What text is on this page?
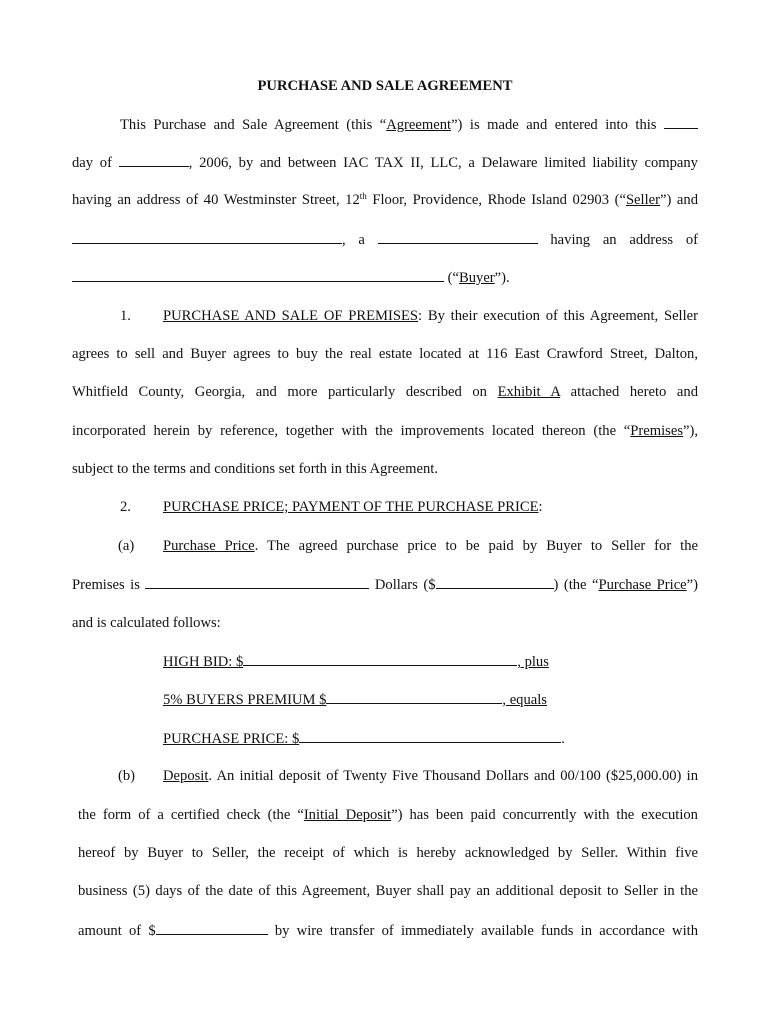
PURCHASE AND SALE AGREEMENT
This Purchase and Sale Agreement (this “Agreement”) is made and entered into this
day of	, 2006, by and between IAC TAX II, LLC, a Delaware limited liability company
having an address of 40 Westminster Street, 12th Floor, Providence, Rhode Island 02903 (“Seller”) and
, a	having an address of
(“Buyer”).
1. PURCHASE AND SALE OF PREMISES: By their execution of this Agreement, Seller
agrees to sell and Buyer agrees to buy the real estate located at 116 East Crawford Street, Dalton,
Whitfield County, Georgia, and more particularly described on Exhibit A attached hereto and
incorporated herein by reference, together with the improvements located thereon (the “Premises”),
subject to the terms and conditions set forth in this Agreement.
2. PURCHASE PRICE; PAYMENT OF THE PURCHASE PRICE:
(a) Purchase Price. The agreed purchase price to be paid by Buyer to Seller for the
Premises is	Dollars ($	) (the “Purchase Price”)
and is calculated follows:
HIGH BID: $	, plus
5% BUYERS PREMIUM $	, equals
PURCHASE PRICE: $	.
(b) Deposit. An initial deposit of Twenty Five Thousand Dollars and 00/100 ($25,000.00) in
the form of a certified check (the “Initial Deposit”) has been paid concurrently with the execution
hereof by Buyer to Seller, the receipt of which is hereby acknowledged by Seller. Within five
business (5) days of the date of this Agreement, Buyer shall pay an additional deposit to Seller in the
amount of $	by wire transfer of immediately available funds in accordance with
